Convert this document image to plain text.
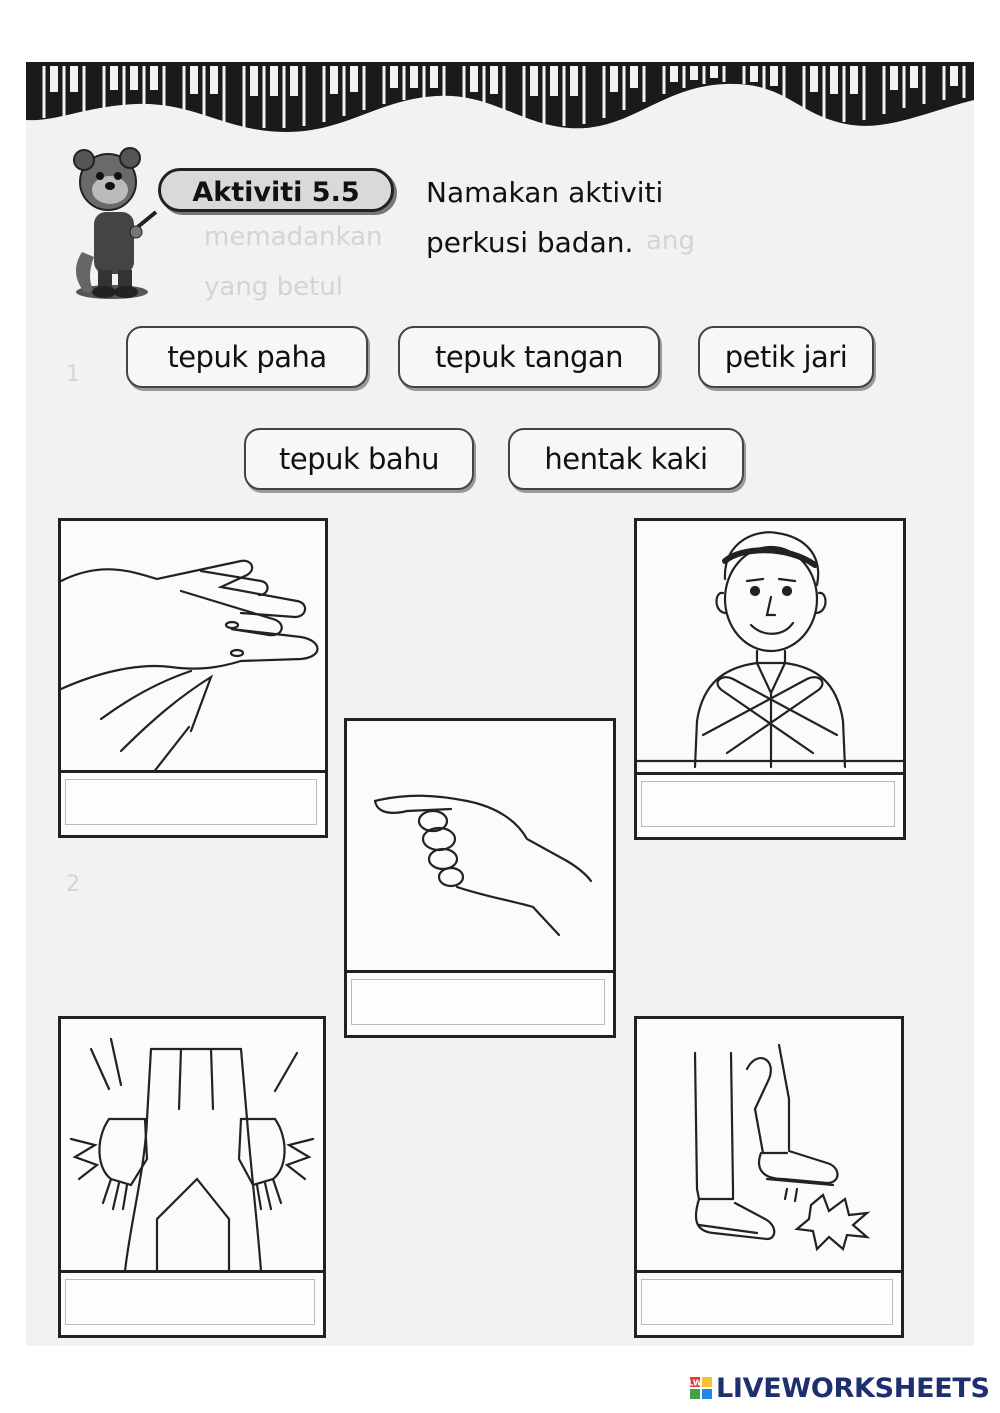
memadankan	ang
yang betul
1
2
Aktiviti 5.5	Namakan aktiviti
perkusi badan.
tepuk paha	tepuk tangan	petik jari
tepuk bahu	hentak kaki
LW LIVEWORKSHEETS
